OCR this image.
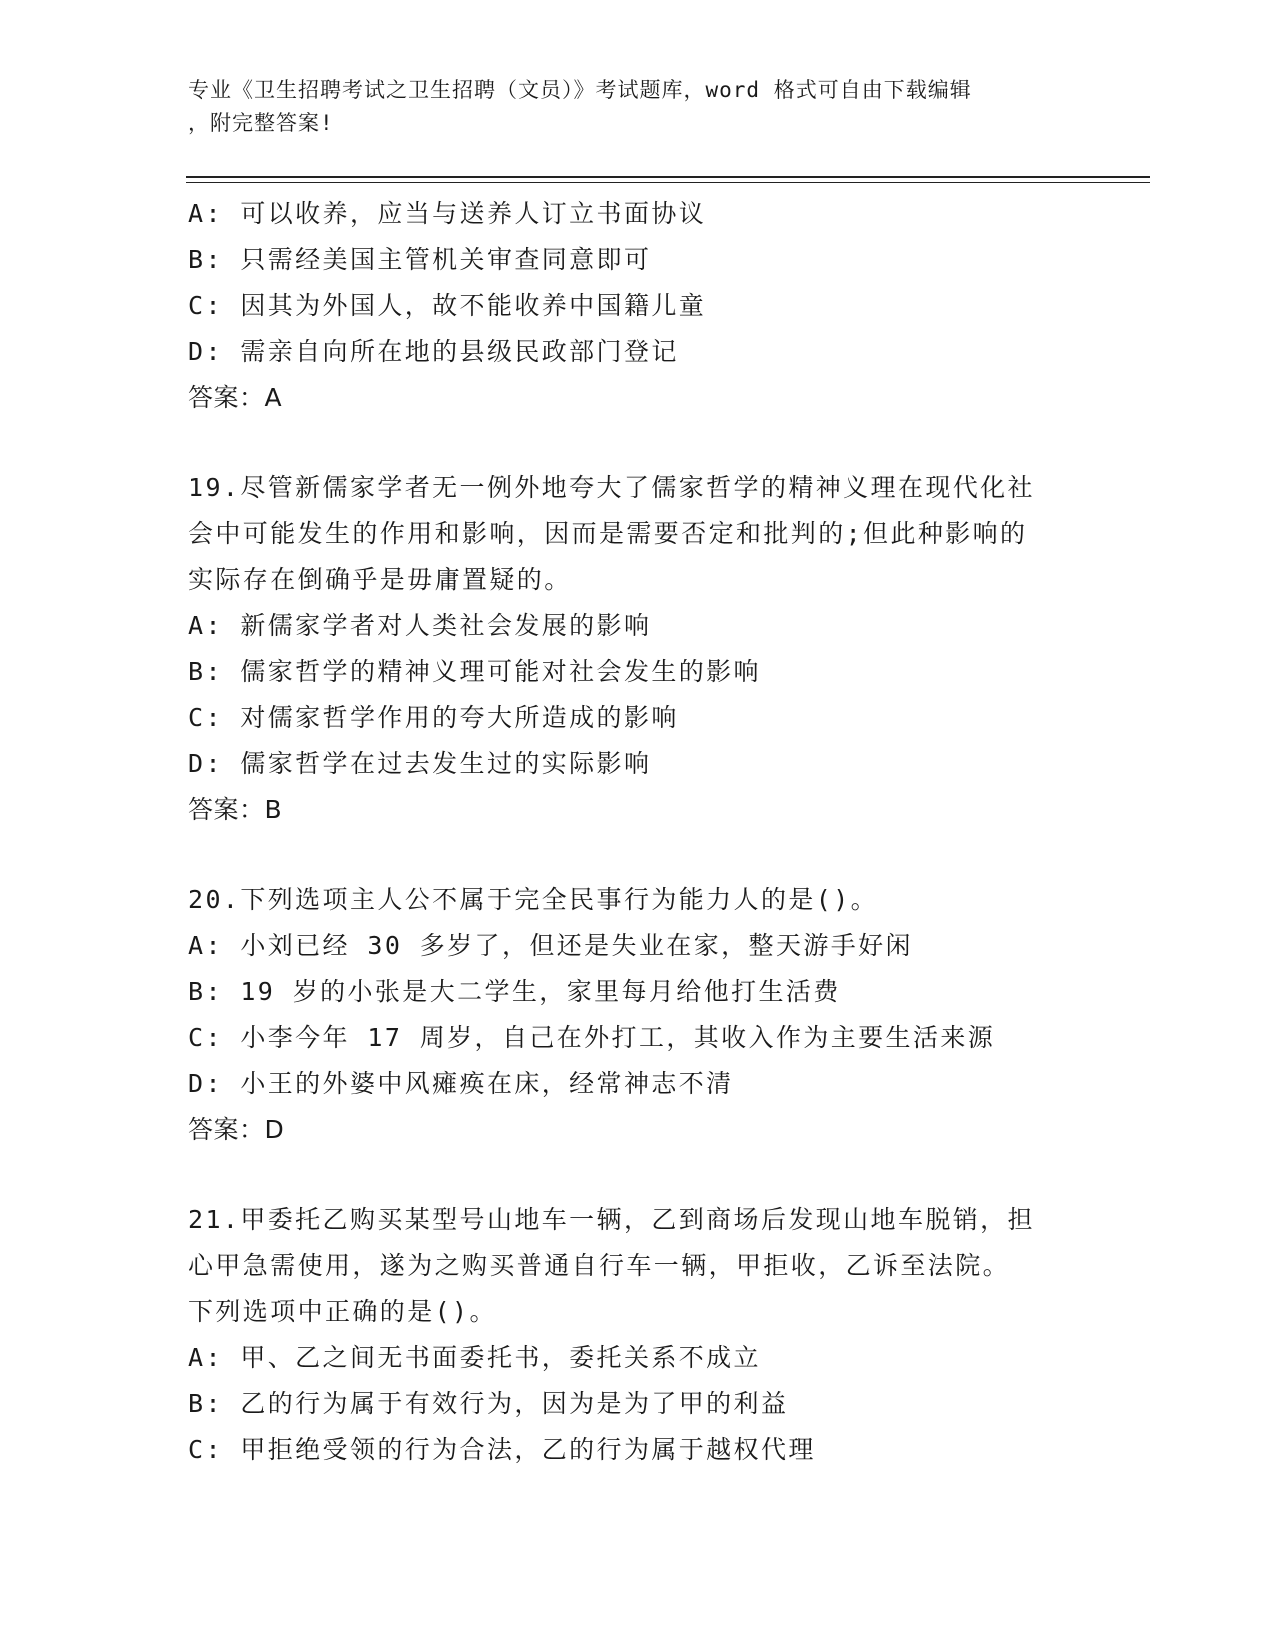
专业《卫生招聘考试之卫生招聘（文员）》考试题库，word 格式可自由下载编辑
，附完整答案!
A: 可以收养，应当与送养人订立书面协议
B: 只需经美国主管机关审查同意即可
C: 因其为外国人，故不能收养中国籍儿童
D: 需亲自向所在地的县级民政部门登记
答案：A
19.尽管新儒家学者无一例外地夸大了儒家哲学的精神义理在现代化社
会中可能发生的作用和影响，因而是需要否定和批判的;但此种影响的
实际存在倒确乎是毋庸置疑的。
A: 新儒家学者对人类社会发展的影响
B: 儒家哲学的精神义理可能对社会发生的影响
C: 对儒家哲学作用的夸大所造成的影响
D: 儒家哲学在过去发生过的实际影响
答案：B
20.下列选项主人公不属于完全民事行为能力人的是()。
A: 小刘已经 30 多岁了，但还是失业在家，整天游手好闲
B: 19 岁的小张是大二学生，家里每月给他打生活费
C: 小李今年 17 周岁，自己在外打工，其收入作为主要生活来源
D: 小王的外婆中风瘫痪在床，经常神志不清
答案：D
21.甲委托乙购买某型号山地车一辆，乙到商场后发现山地车脱销，担
心甲急需使用，遂为之购买普通自行车一辆，甲拒收，乙诉至法院。
下列选项中正确的是()。
A: 甲、乙之间无书面委托书，委托关系不成立
B: 乙的行为属于有效行为，因为是为了甲的利益
C: 甲拒绝受领的行为合法，乙的行为属于越权代理
